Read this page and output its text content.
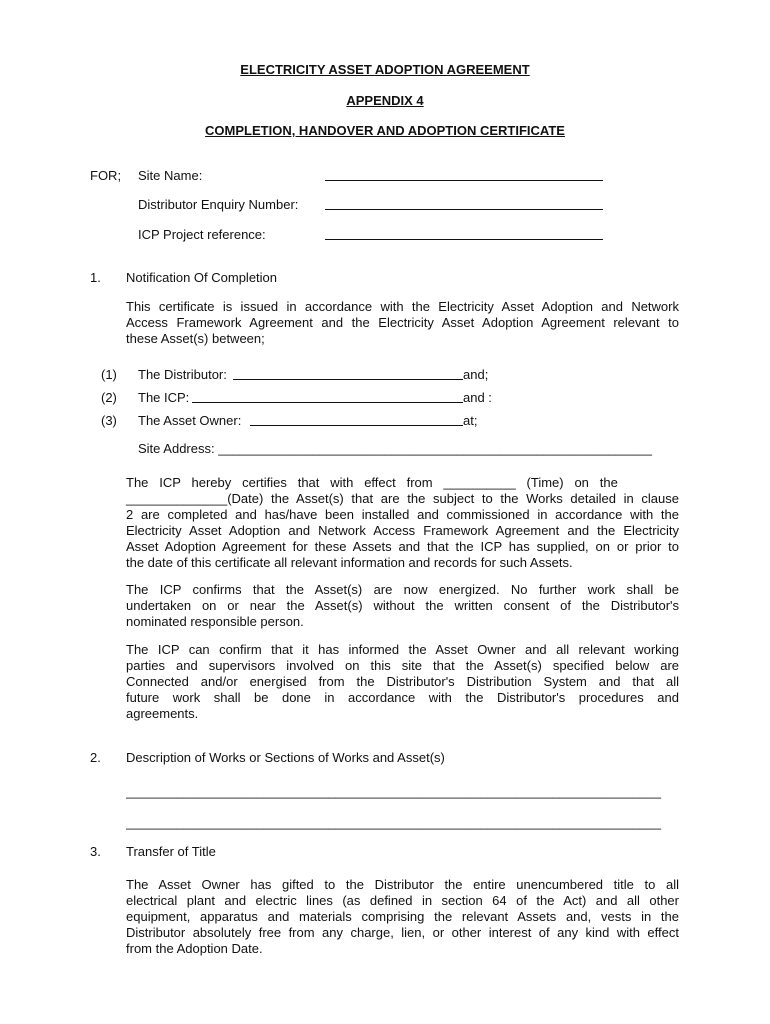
ELECTRICITY ASSET ADOPTION AGREEMENT
APPENDIX 4
COMPLETION, HANDOVER AND ADOPTION CERTIFICATE
FOR; Site Name:
Distributor Enquiry Number:
ICP Project reference:
1. Notification Of Completion
This certificate is issued in accordance with the Electricity Asset Adoption and Network
Access Framework Agreement and the Electricity Asset Adoption Agreement relevant to
these Asset(s) between;
(1) The Distributor:	and;
(2) The ICP:	and :
(3) The Asset Owner:	at;
Site Address: ____________________________________________________________
The   ICP   hereby   certifies   that   with   effect   from   __________   (Time)   on   the
______________(Date) the Asset(s) that are the subject to the Works detailed in clause
2 are completed and has/have been installed and commissioned in accordance with the
Electricity Asset Adoption and Network Access Framework Agreement and the Electricity
Asset Adoption Agreement for these Assets and that the ICP has supplied, on or prior to
the date of this certificate all relevant information and records for such Assets.
The ICP confirms that the Asset(s) are now energized. No further work shall be
undertaken on or near the Asset(s) without the written consent of the Distributor's
nominated responsible person.
The ICP can confirm that it has informed the Asset Owner and all relevant working
parties and supervisors involved on this site that the Asset(s) specified below are
Connected and/or energised from the Distributor's Distribution System and that all
future work shall be done in accordance with the Distributor's procedures and
agreements.
2. Description of Works or Sections of Works and Asset(s)
__________________________________________________________________________
__________________________________________________________________________
3. Transfer of Title
The Asset Owner has gifted to the Distributor the entire unencumbered title to all
electrical plant and electric lines (as defined in section 64 of the Act) and all other
equipment, apparatus and materials comprising the relevant Assets and, vests in the
Distributor absolutely free from any charge, lien, or other interest of any kind with effect
from the Adoption Date.
